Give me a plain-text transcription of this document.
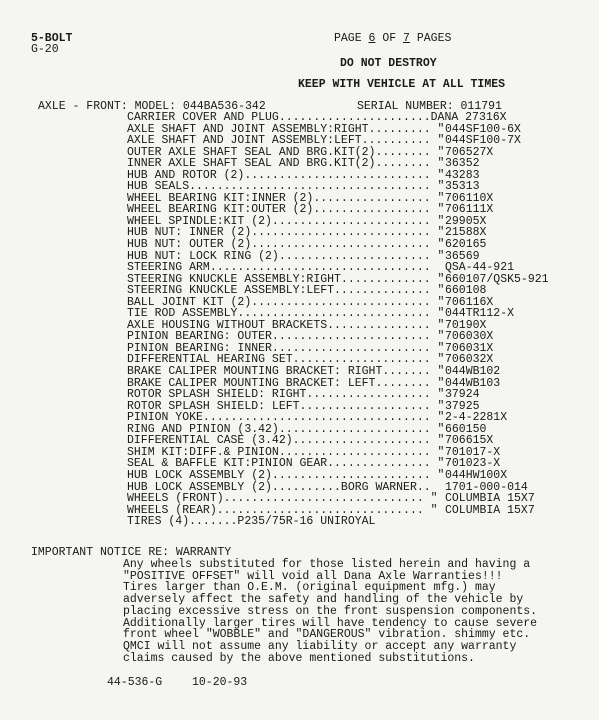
5-BOLT
G-20
PAGE 6 OF 7 PAGES
DO NOT DESTROY
KEEP WITH VEHICLE AT ALL TIMES
AXLE - FRONT: MODEL: 044BA536-342	SERIAL NUMBER: 011791
CARRIER COVER AND PLUG......................DANA 27316X
AXLE SHAFT AND JOINT ASSEMBLY:RIGHT......... " 044SF100-6X
AXLE SHAFT AND JOINT ASSEMBLY:LEFT.......... " 044SF100-7X
OUTER AXLE SHAFT SEAL AND BRG.KIT(2)........ " 706527X
INNER AXLE SHAFT SEAL AND BRG.KIT(2)........ " 36352
HUB AND ROTOR (2)........................... " 43283
HUB SEALS................................... " 35313
WHEEL BEARING KIT:INNER (2)................. " 706110X
WHEEL BEARING KIT:OUTER (2)................. " 706111X
WHEEL SPINDLE:KIT (2)....................... " 29905X
HUB NUT: INNER (2).......................... " 21588X
HUB NUT: OUTER (2).......................... " 620165
HUB NUT: LOCK RING (2)...................... " 36569
STEERING ARM................................ QSA-44-921
STEERING KNUCKLE ASSEMBLY:RIGHT............. " 660107/QSK5-921
STEERING KNUCKLE ASSEMBLY:LEFT.............. " 660108
BALL JOINT KIT (2).......................... " 706116X
TIE ROD ASSEMBLY............................ " 044TR112-X
AXLE HOUSING WITHOUT BRACKETS............... " 70190X
PINION BEARING: OUTER....................... " 706030X
PINION BEARING: INNER....................... " 706031X
DIFFERENTIAL HEARING SET.................... " 706032X
BRAKE CALIPER MOUNTING BRACKET: RIGHT....... " 044WB102
BRAKE CALIPER MOUNTING BRACKET: LEFT........ " 044WB103
ROTOR SPLASH SHIELD: RIGHT.................. " 37924
ROTOR SPLASH SHIELD: LEFT................... " 37925
PINION YOKE................................. " 2-4-2281X
RING AND PINION (3.42)...................... " 660150
DIFFERENTIAL CASE (3.42).................... " 706615X
SHIM KIT:DIFF.& PINION...................... " 701017-X
SEAL & BAFFLE KIT:PINION GEAR............... " 701023-X
HUB LOCK ASSEMBLY (2)....................... " 044HW100X
HUB LOCK ASSEMBLY (2)..........BORG WARNER.. 1701-000-014
WHEELS (FRONT)............................. " COLUMBIA 15X7
WHEELS (REAR).............................. " COLUMBIA 15X7
TIRES (4).......P235/75R-16 UNIROYAL
IMPORTANT NOTICE RE: WARRANTY
Any wheels substituted for those listed herein and having a
"POSITIVE OFFSET" will void all Dana Axle Warranties!!!
Tires larger than O.E.M. (original equipment mfg.) may
adversely affect the safety and handling of the vehicle by
placing excessive stress on the front suspension components.
Additionally larger tires will have tendency to cause severe
front wheel "WOBBLE" and "DANGEROUS" vibration. shimmy etc.
QMCI will not assume any liability or accept any warranty
claims caused by the above mentioned substitutions.
44-536-G	10-20-93
